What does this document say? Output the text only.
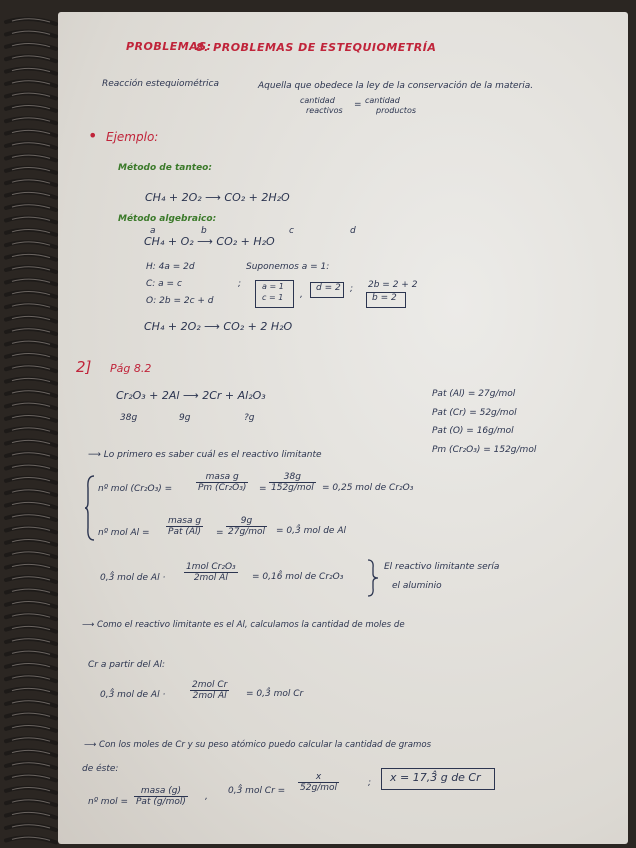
PROBLEMAS:
8. PROBLEMAS DE ESTEQUIOMETRÍA
Reacción estequiométrica	Aquella que obedece la ley de la conservación de la materia.
cantidad
reactivos
= cantidad
productos
• Ejemplo:
Método de tanteo:
CH₄ + 2O₂ ⟶ CO₂ + 2H₂O
Método algebraico:
a	b	c	d
CH₄ + O₂ ⟶ CO₂ + H₂O
H: 4a = 2d	Suponemos a = 1:
C: a = c
O: 2b = 2c + d
;	a = 1
c = 1 ,
d = 2 ; 2b = 2 + 2
b = 2
CH₄ + 2O₂ ⟶ CO₂ + 2 H₂O
2] Pág 8.2
Cr₂O₃ + 2Al ⟶ 2Cr + Al₂O₃
38g	9g	?g
Pat (Al) = 27g/mol
Pat (Cr) = 52g/mol
Pat (O) = 16g/mol
Pm (Cr₂O₃) = 152g/mol
⟶ Lo primero es saber cuál es el reactivo limitante
nº mol (Cr₂O₃) =
masa g
Pm (Cr₂O₃) =
38g
152g/mol = 0,25 mol de Cr₂O₃
nº mol Al =
masa g
Pat (Al) =
9g
27g/mol = 0,3̂ mol de Al
0,3̂ mol de Al ·
1mol Cr₂O₃
2mol Al	= 0,16̂ mol de Cr₂O₃
El reactivo limitante sería
el aluminio
⟶ Como el reactivo limitante es el Al, calculamos la cantidad de moles de
Cr a partir del Al:
0,3̂ mol de Al ·
2mol Cr
2mol Al = 0,3̂ mol Cr
⟶ Con los moles de Cr y su peso atómico puedo calcular la cantidad de gramos
de éste:
nº mol =
masa (g)
Pat (g/mol) ,
0,3̂ mol Cr =
x
52g/mol	; x = 17,3̂ g de Cr
